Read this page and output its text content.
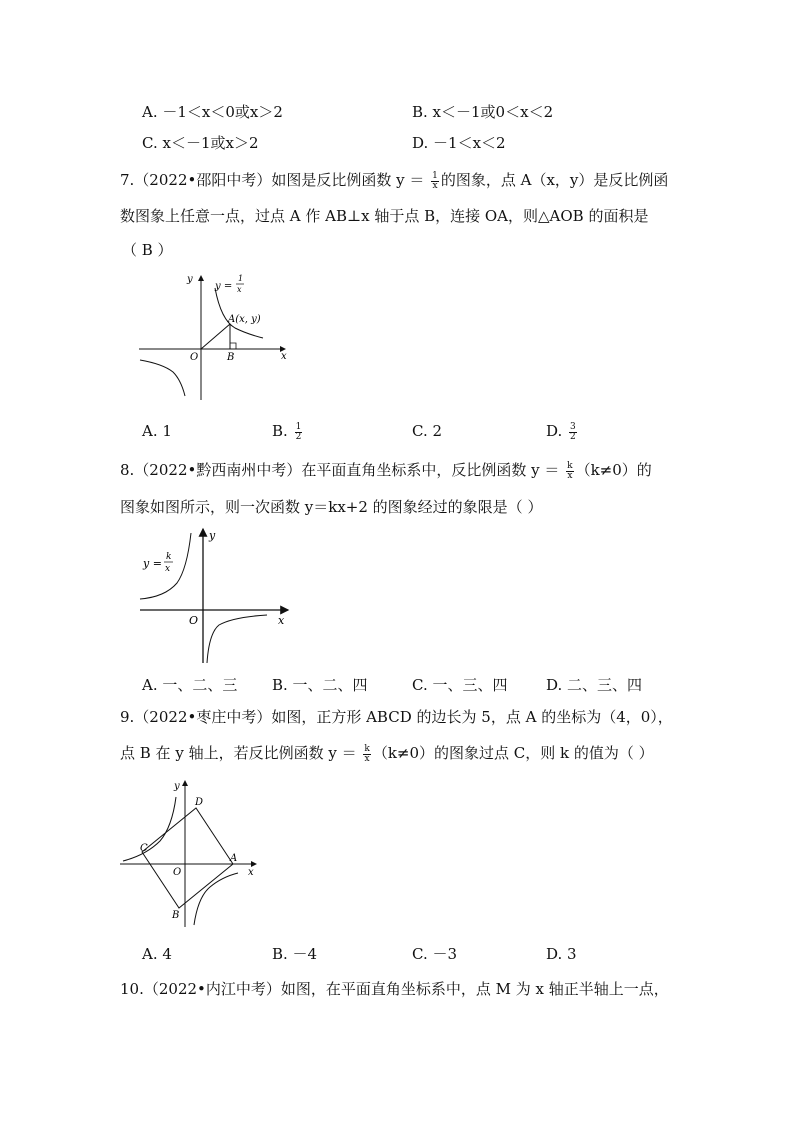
A. －1＜x＜0或x＞2	B. x＜－1或0＜x＜2
C. x＜－1或x＞2	D. －1＜x＜2
7.（2022•邵阳中考）如图是反比例函数 $y = \frac{1}{x}$ 的图象，点 A（x，y）是反比例函
数图象上任意一点，过点 A 作 AB⊥x 轴于点 B，连接 OA，则△AOB 的面积是
（ B ）
y
x
O
A(x, y)
B
y =
1
x
A. 1	B. $\frac{1}{2}$	C. 2	D. $\frac{3}{2}$
8.（2022•黔西南州中考）在平面直角坐标系中，反比例函数 $y = \frac{k}{x} (k\ne 0)$的
图象如图所示，则一次函数 y＝kx+2 的图象经过的象限是（ ）
y
x
O
y = k
x
A. 一、二、三 B. 一、二、四	C. 一、三、四	D. 二、三、四
9.（2022•枣庄中考）如图，正方形 ABCD 的边长为 5，点 A 的坐标为（4，0），
点 B 在 y 轴上，若反比例函数 $y = \frac{k}{x} (k\ne 0)$的图象过点 C，则 k 的值为（ ）
y
x
O
A
B
C
D
A. 4	B. －4	C. －3	D. 3
10.（2022•内江中考）如图，在平面直角坐标系中，点 M 为 x 轴正半轴上一点，
